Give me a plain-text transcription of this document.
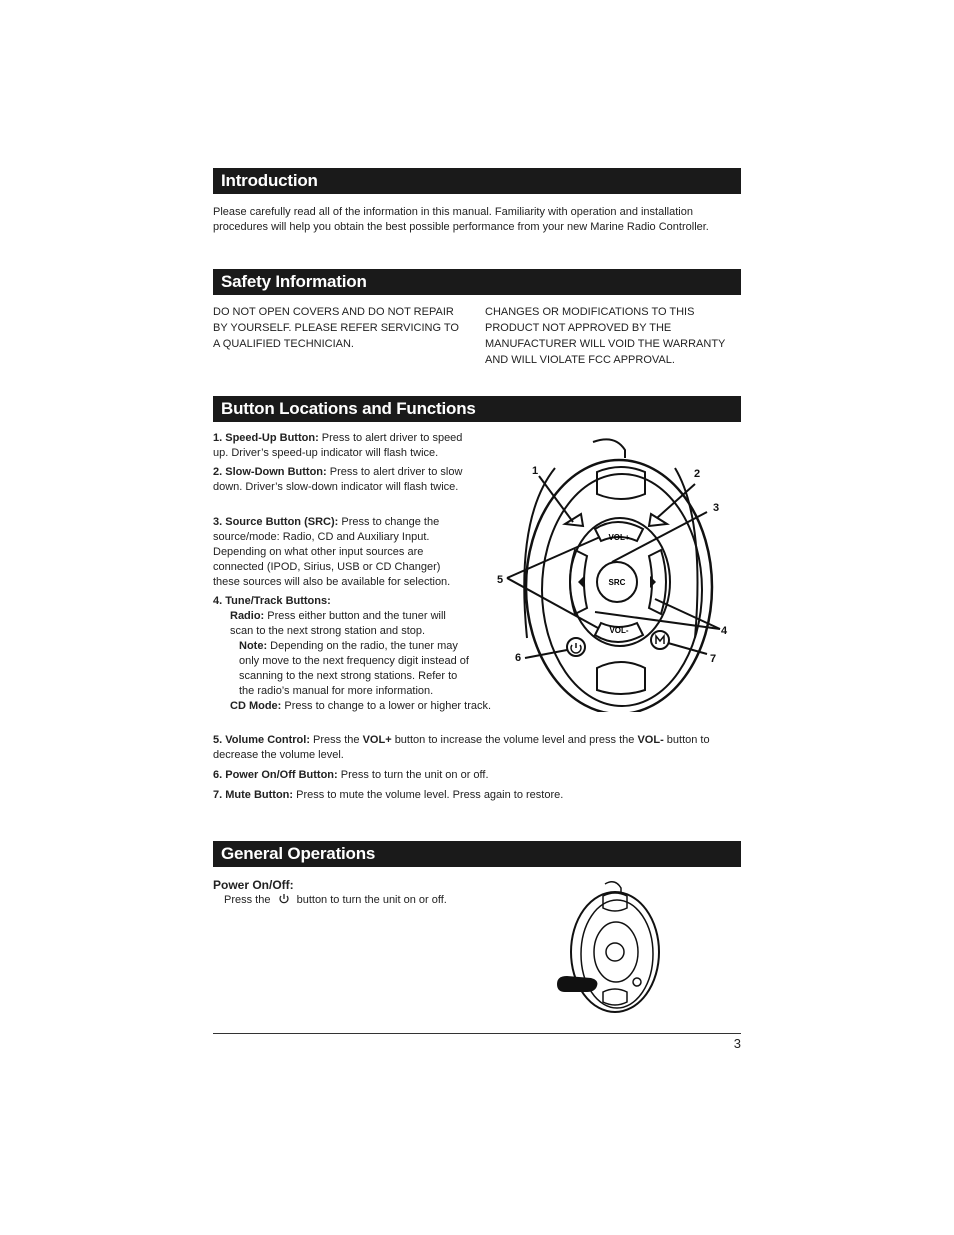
Introduction
Please carefully read all of the information in this manual. Familiarity with operation and installation procedures will help you obtain the best possible performance from your new Marine Radio Controller.
Safety Information
DO NOT OPEN COVERS AND DO NOT REPAIR BY YOURSELF. PLEASE REFER SERVICING TO A QUALIFIED TECHNICIAN.
CHANGES OR MODIFICATIONS TO THIS PRODUCT NOT APPROVED BY THE MANUFACTURER WILL VOID THE WARRANTY AND WILL VIOLATE FCC APPROVAL.
Button Locations and Functions
1. Speed-Up Button: Press to alert driver to speed up. Driver’s speed-up indicator will flash twice.
2. Slow-Down Button: Press to alert driver to slow down. Driver’s slow-down indicator will flash twice.
3. Source Button (SRC): Press to change the source/mode: Radio, CD and Auxiliary Input. Depending on what other input sources are connected (IPOD, Sirius, USB or CD Changer) these sources will also be available for selection.
4. Tune/Track Buttons:
Radio: Press either button and the tuner will scan to the next strong station and stop.
Note: Depending on the radio, the tuner may only move to the next frequency digit instead of scanning to the next strong stations. Refer to the radio’s manual for more information.
CD Mode: Press to change to a lower or higher track.
5. Volume Control: Press the VOL+ button to increase the volume level and press the VOL- button to decrease the volume level.
6. Power On/Off Button: Press to turn the unit on or off.
7. Mute Button: Press to mute the volume level. Press again to restore.
VOL+
SRC
VOL-
1	2
3
4
5
6	7
General Operations
Power On/Off:
Press the button to turn the unit on or off.
3
